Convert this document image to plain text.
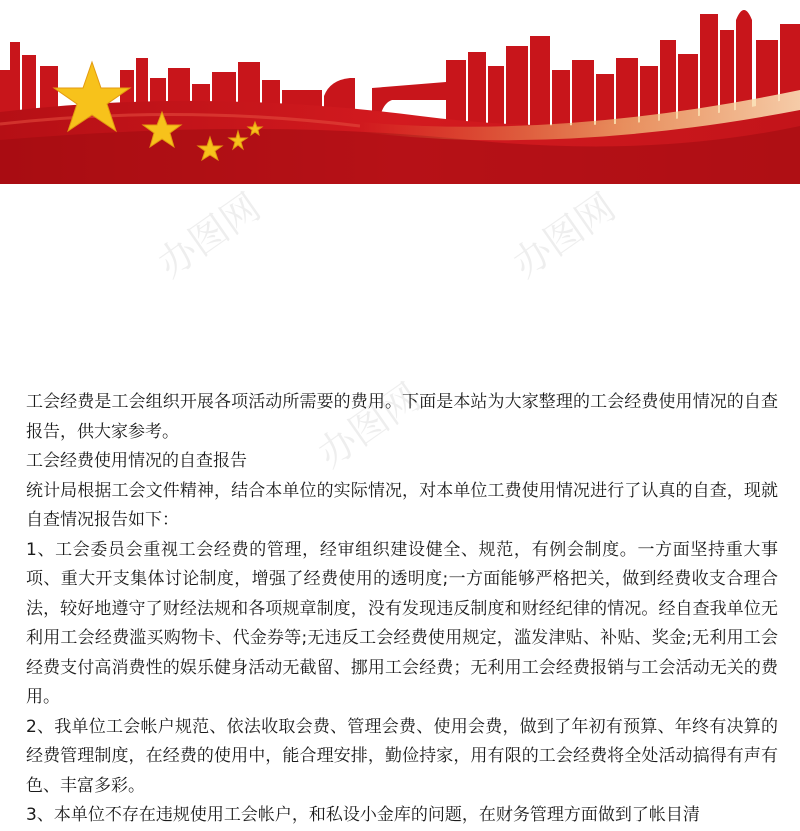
办图网	办图网
办图网

工会经费是工会组织开展各项活动所需要的费用。下面是本站为大家整理的工会经费使用情况的自查报告，供大家参考。

工会经费使用情况的自查报告

统计局根据工会文件精神，结合本单位的实际情况，对本单位工费使用情况进行了认真的自查，现就自查情况报告如下：

1、工会委员会重视工会经费的管理，经审组织建设健全、规范，有例会制度。一方面坚持重大事项、重大开支集体讨论制度，增强了经费使用的透明度;一方面能够严格把关，做到经费收支合理合法，较好地遵守了财经法规和各项规章制度，没有发现违反制度和财经纪律的情况。经自查我单位无利用工会经费滥买购物卡、代金券等;无违反工会经费使用规定，滥发津贴、补贴、奖金;无利用工会经费支付高消费性的娱乐健身活动无截留、挪用工会经费；无利用工会经费报销与工会活动无关的费用。

2、我单位工会帐户规范、依法收取会费、管理会费、使用会费，做到了年初有预算、年终有决算的经费管理制度，在经费的使用中，能合理安排，勤俭持家，用有限的工会经费将全处活动搞得有声有色、丰富多彩。

3、本单位不存在违规使用工会帐户，和私设小金库的问题，在财务管理方面做到了帐目清
